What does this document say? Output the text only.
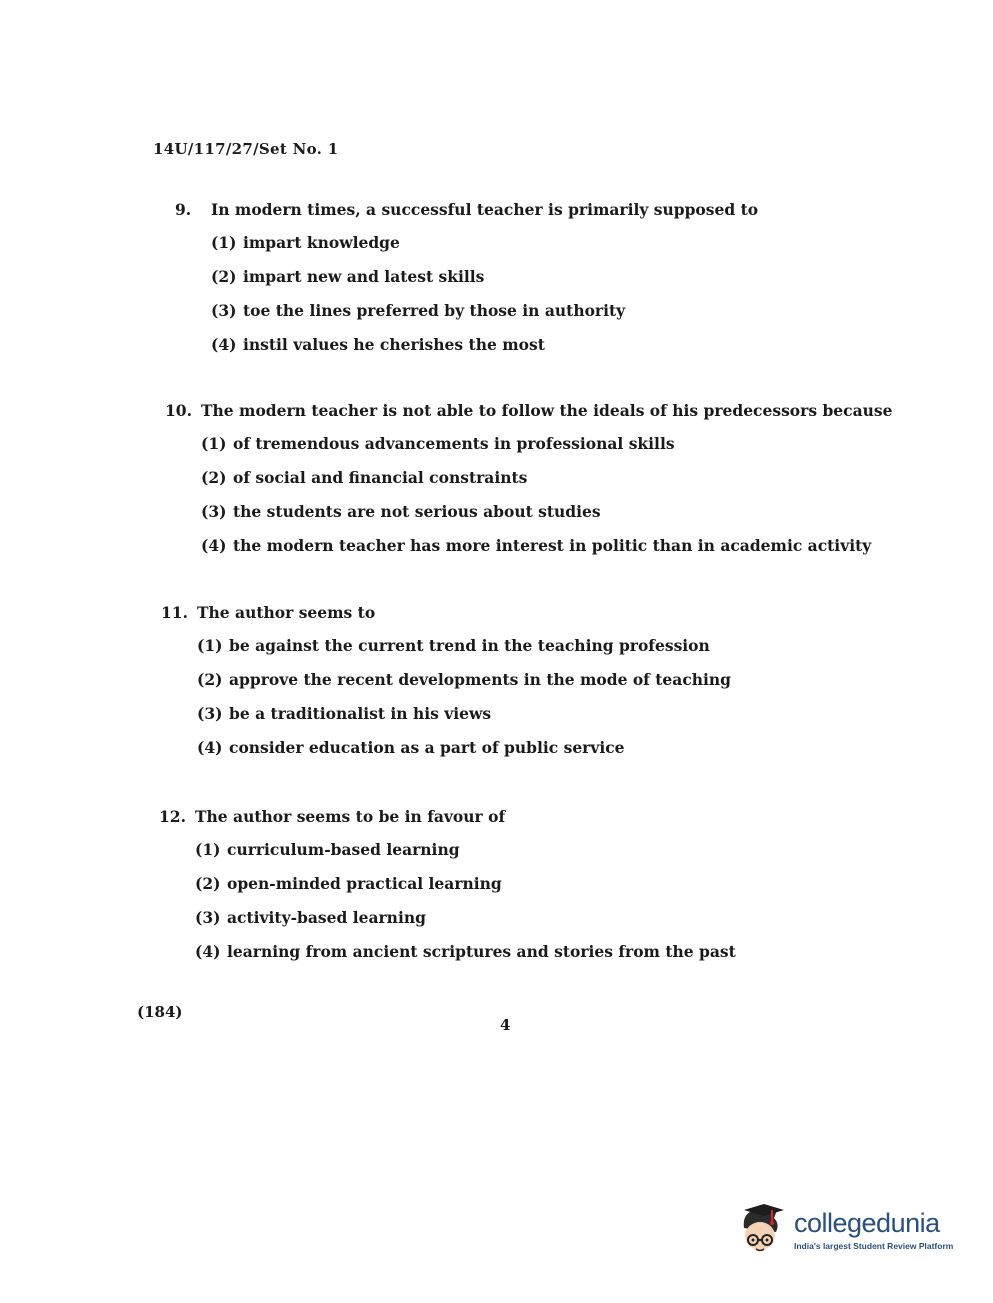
14U/117/27/Set No. 1
9.	In modern times, a successful teacher is primarily supposed to
(1) impart knowledge
(2) impart new and latest skills
(3) toe the lines preferred by those in authority
(4) instil values he cherishes the most
10. The modern teacher is not able to follow the ideals of his predecessors because
(1) of tremendous advancements in professional skills
(2) of social and financial constraints
(3) the students are not serious about studies
(4) the modern teacher has more interest in politic than in academic activity
11. The author seems to
(1) be against the current trend in the teaching profession
(2) approve the recent developments in the mode of teaching
(3) be a traditionalist in his views
(4) consider education as a part of public service
12. The author seems to be in favour of
(1) curriculum-based learning
(2) open-minded practical learning
(3) activity-based learning
(4) learning from ancient scriptures and stories from the past
(184)
4
collegedunia
India's largest Student Review Platform
